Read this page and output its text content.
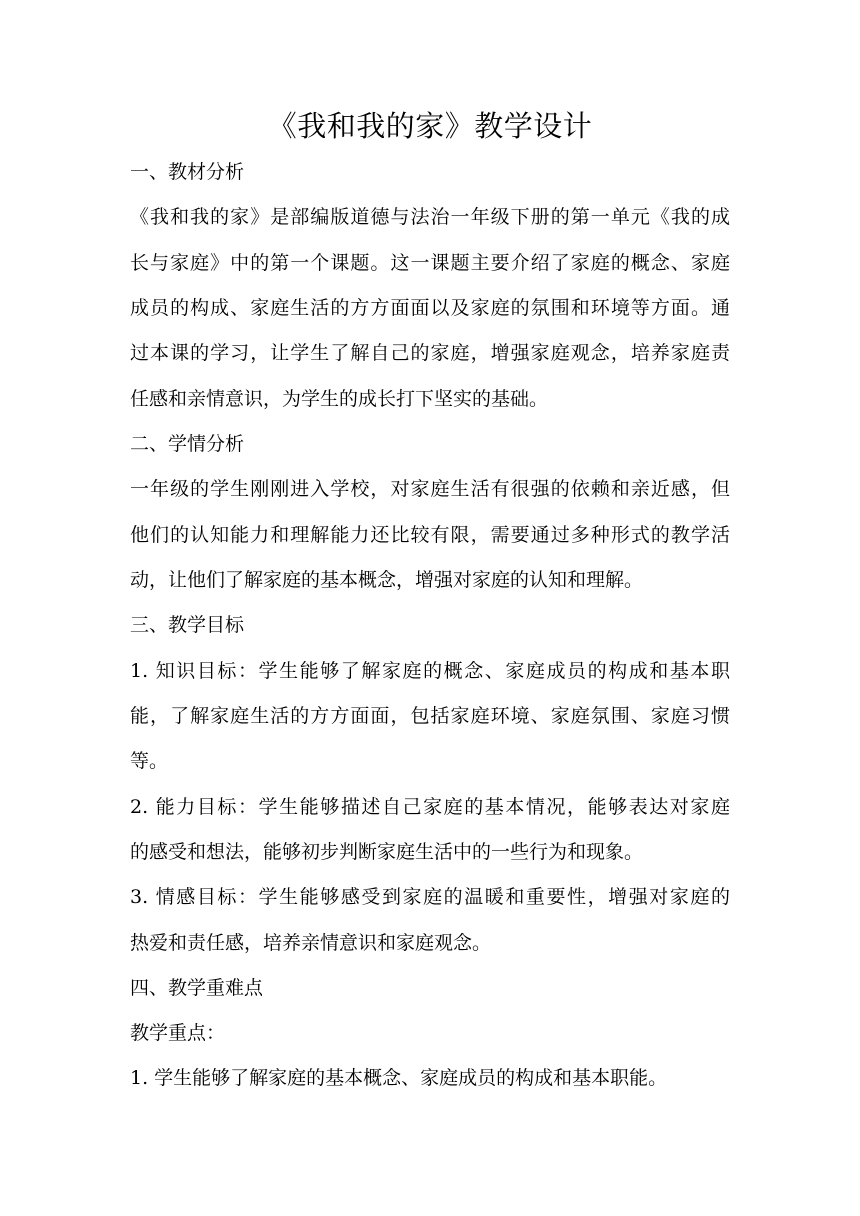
《我和我的家》教学设计
一、教材分析
《我和我的家》是部编版道德与法治一年级下册的第一单元《我的成
长与家庭》中的第一个课题。这一课题主要介绍了家庭的概念、家庭
成员的构成、家庭生活的方方面面以及家庭的氛围和环境等方面。通
过本课的学习，让学生了解自己的家庭，增强家庭观念，培养家庭责
任感和亲情意识，为学生的成长打下坚实的基础。
二、学情分析
一年级的学生刚刚进入学校，对家庭生活有很强的依赖和亲近感，但
他们的认知能力和理解能力还比较有限，需要通过多种形式的教学活
动，让他们了解家庭的基本概念，增强对家庭的认知和理解。
三、教学目标
1. 知识目标：学生能够了解家庭的概念、家庭成员的构成和基本职
能，了解家庭生活的方方面面，包括家庭环境、家庭氛围、家庭习惯
等。
2. 能力目标：学生能够描述自己家庭的基本情况，能够表达对家庭
的感受和想法，能够初步判断家庭生活中的一些行为和现象。
3. 情感目标：学生能够感受到家庭的温暖和重要性，增强对家庭的
热爱和责任感，培养亲情意识和家庭观念。
四、教学重难点
教学重点：
1. 学生能够了解家庭的基本概念、家庭成员的构成和基本职能。
